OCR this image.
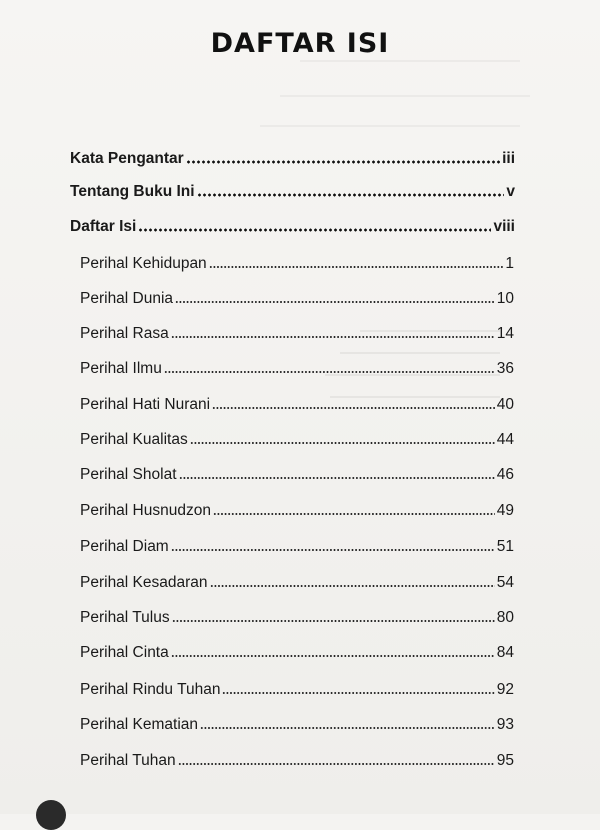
DAFTAR ISI
Kata Pengantar	iii
Tentang Buku Ini	v
Daftar Isi	viii
Perihal Kehidupan	1
Perihal Dunia	10
Perihal Rasa	14
Perihal Ilmu	36
Perihal Hati Nurani	40
Perihal Kualitas	44
Perihal Sholat	46
Perihal Husnudzon	49
Perihal Diam	51
Perihal Kesadaran	54
Perihal Tulus	80
Perihal Cinta	84
Perihal Rindu Tuhan	92
Perihal Kematian	93
Perihal Tuhan	95
